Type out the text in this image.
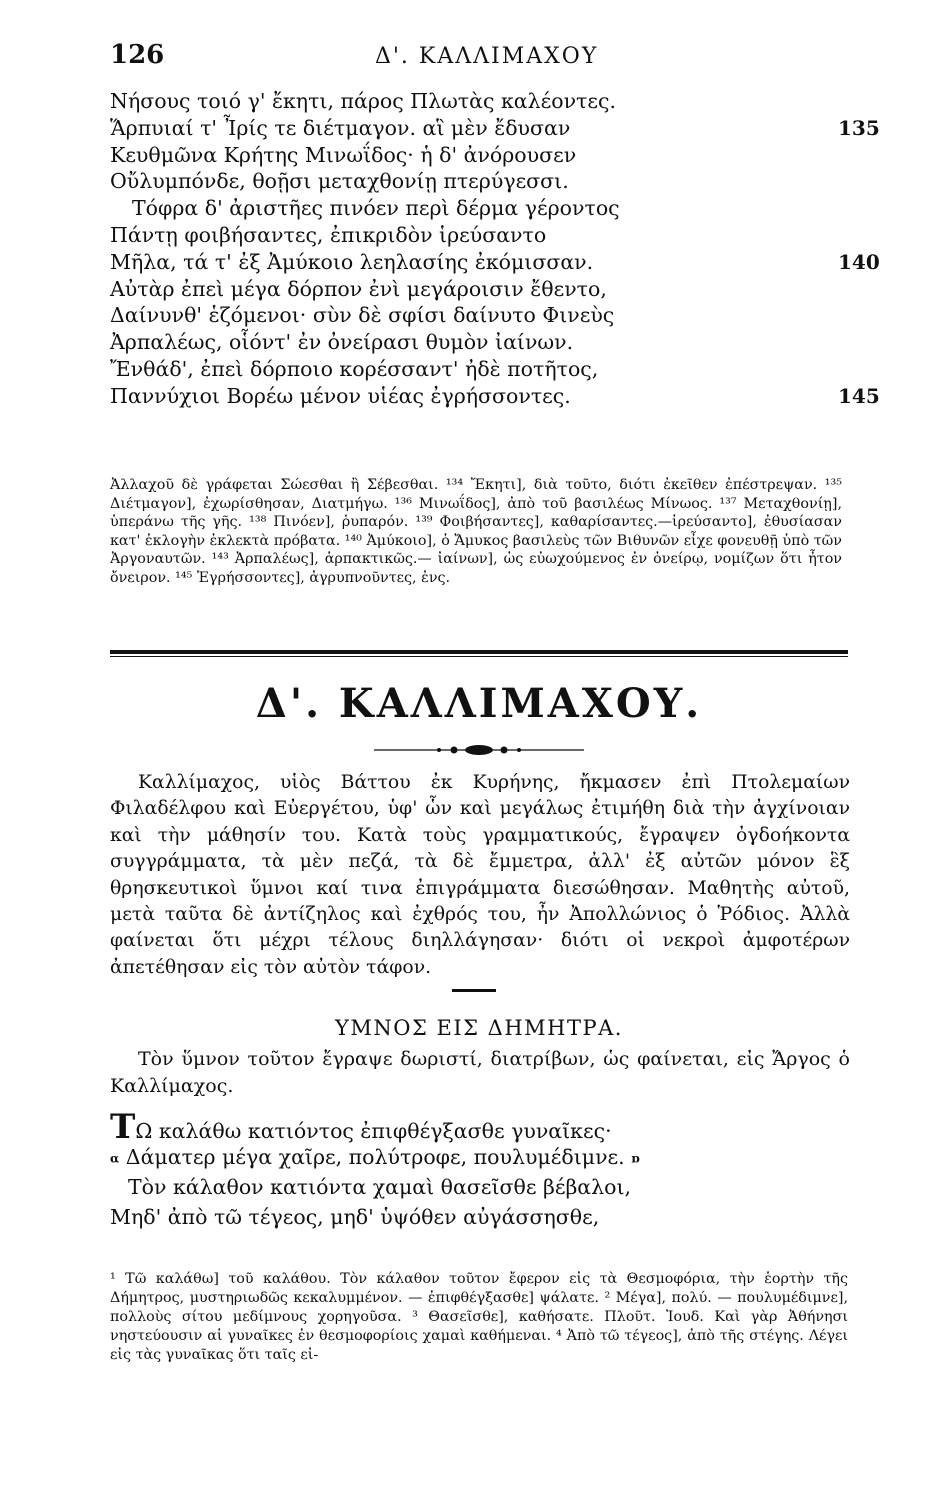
126	Δ'. ΚΑΛΛΙΜΑΧΟΥ
Νήσους τοιό γ' ἔκητι, πάρος Πλωτὰς καλέοντες.
Ἅρπυιαί τ' Ἶρίς τε διέτμαγον. αἳ μὲν ἔδυσαν	135
Κευθμῶνα Κρήτης Μινωΐδος· ἡ δ' ἀνόρουσεν
Οὔλυμπόνδε, θοῇσι μεταχθονίῃ πτερύγεσσι.
Τόφρα δ' ἀριστῆες πινόεν περὶ δέρμα γέροντος
Πάντῃ φοιβήσαντες, ἐπικριδὸν ἱρεύσαντο
Μῆλα, τά τ' ἐξ Ἀμύκοιο λεηλασίης ἐκόμισσαν.	140
Αὐτὰρ ἐπεὶ μέγα δόρπον ἐνὶ μεγάροισιν ἔθεντο,
Δαίνυνθ' ἑζόμενοι· σὺν δὲ σφίσι δαίνυτο Φινεὺς
Ἀρπαλέως, οἷόντ' ἐν ὀνείρασι θυμὸν ἰαίνων.
Ἔνθάδ', ἐπεὶ δόρποιο κορέσσαντ' ἠδὲ ποτῆτος,
Παννύχιοι Βορέω μένον υἱέας ἐγρήσσοντες.	145

Ἀλλαχοῦ δὲ γράφεται Σώεσθαι ἢ Σέβεσθαι. ¹³⁴ Ἔκητι], διὰ τοῦτο, διότι ἐκεῖθεν ἐπέστρεψαν. ¹³⁵ Διέτμαγον], ἐχωρίσθησαν, Διατμήγω. ¹³⁶ Μινωΐδος], ἀπὸ τοῦ βασιλέως Μίνωος. ¹³⁷ Μεταχθονίῃ], ὑπεράνω τῆς γῆς. ¹³⁸ Πινόεν], ῥυπαρόν. ¹³⁹ Φοιβήσαντες], καθαρίσαντες.—ἱρεύσαντο], ἐθυσίασαν κατ' ἐκλογὴν ἐκλεκτὰ πρόβατα. ¹⁴⁰ Ἀμύκοιο], ὁ Ἄμυκος βασιλεὺς τῶν Βιθυνῶν εἶχε φονευθῇ ὑπὸ τῶν Ἀργοναυτῶν. ¹⁴³ Ἀρπαλέως], ἁρπακτικῶς.— ἰαίνων], ὡς εὐωχούμενος ἐν ὀνείρῳ, νομίζων ὅτι ἦτον ὄνειρον. ¹⁴⁵ Ἐγρήσσοντες], ἀγρυπνοῦντες, ἐνς.

Δ'. ΚΑΛΛΙΜΑΧΟΥ.

Καλλίμαχος, υἱὸς Βάττου ἐκ Κυρήνης, ἤκμασεν ἐπὶ Πτολεμαίων Φιλαδέλφου καὶ Εὐεργέτου, ὑφ' ὧν καὶ μεγάλως ἐτιμήθη διὰ τὴν ἀγχίνοιαν καὶ τὴν μάθησίν του. Κατὰ τοὺς γραμματικούς, ἔγραψεν ὀγδοήκοντα συγγράμματα, τὰ μὲν πεζά, τὰ δὲ ἔμμετρα, ἀλλ' ἐξ αὐτῶν μόνον ἓξ θρησκευτικοὶ ὕμνοι καί τινα ἐπιγράμματα διεσώθησαν. Μαθητὴς αὐτοῦ, μετὰ ταῦτα δὲ ἀντίζηλος καὶ ἐχθρός του, ἦν Ἀπολλώνιος ὁ Ῥόδιος. Ἀλλὰ φαίνεται ὅτι μέχρι τέλους διηλλάγησαν· διότι οἱ νεκροὶ ἀμφοτέρων ἀπετέθησαν εἰς τὸν αὐτὸν τάφον.

ΥΜΝΟΣ ΕΙΣ ΔΗΜΗΤΡΑ.

Τὸν ὕμνον τοῦτον ἔγραψε δωριστί, διατρίβων, ὡς φαίνεται, εἰς Ἄργος ὁ Καλλίμαχος.

ΤΩ καλάθω κατιόντος ἐπιφθέγξασθε γυναῖκες·
α Δάματερ μέγα χαῖρε, πολύτροφε, πουλυμέδιμνε. ɒ
Τὸν κάλαθον κατιόντα χαμαὶ θασεῖσθε βέβαλοι,
Μηδ' ἀπὸ τῶ τέγεος, μηδ' ὑψόθεν αὐγάσσησθε,

¹ Τῶ καλάθω] τοῦ καλάθου. Τὸν κάλαθον τοῦτον ἔφερον εἰς τὰ Θεσμοφόρια, τὴν ἑορτὴν τῆς Δήμητρος, μυστηριωδῶς κεκαλυμμένον. — ἐπιφθέγξασθε] ψάλατε. ² Μέγα], πολύ. — πουλυμέδιμνε], πολλοὺς σίτου μεδίμνους χορηγοῦσα. ³ Θασεῖσθε], καθήσατε. Πλοῦτ. Ἰουδ. Καὶ γὰρ Ἀθήνησι νηστεύουσιν αἱ γυναῖκες ἐν θεσμοφορίοις χαμαὶ καθήμεναι. ⁴ Ἀπὸ τῶ τέγεος], ἀπὸ τῆς στέγης. Λέγει εἰς τὰς γυναῖκας ὅτι ταῖς εἰ-
